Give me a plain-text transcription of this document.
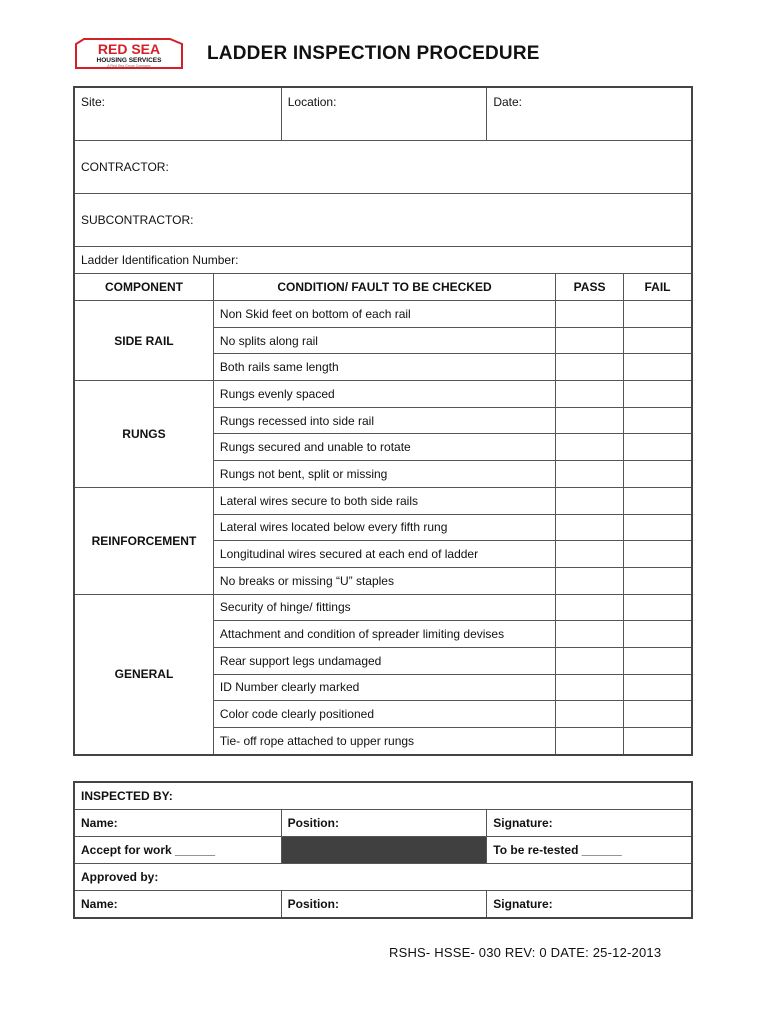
RED SEA
HOUSING SERVICES
A Red Sea Group Company
LADDER INSPECTION PROCEDURE
Site:		Location:	Date:		
CONTRACTOR:					
SUBCONTRACTOR:					
Ladder Identification Number:					
COMPONENT	CONDITION/ FAULT TO BE CHECKED			PASS	FAIL
SIDE RAIL	Non Skid feet on bottom of each rail				
	No splits along rail				
	Both rails same length				
RUNGS	Rungs evenly spaced				
	Rungs recessed into side rail				
	Rungs secured and unable to rotate				
	Rungs not bent, split or missing				
REINFORCEMENT	Lateral wires secure to both side rails				
	Lateral wires located below every fifth rung				
	Longitudinal wires secured at each end of ladder				
	No breaks or missing “U” staples				
GENERAL	Security of hinge/ fittings				
	Attachment and condition of spreader limiting devises				
	Rear support legs undamaged				
	ID Number clearly marked				
	Color code clearly positioned				
	Tie- off rope attached to upper rungs				
INSPECTED BY:		
Name:	Position:	Signature:
Accept for work ______		To be re-tested ______
Approved by:		
Name:	Position:	Signature:
RSHS- HSSE- 030 REV: 0 DATE: 25-12-2013
